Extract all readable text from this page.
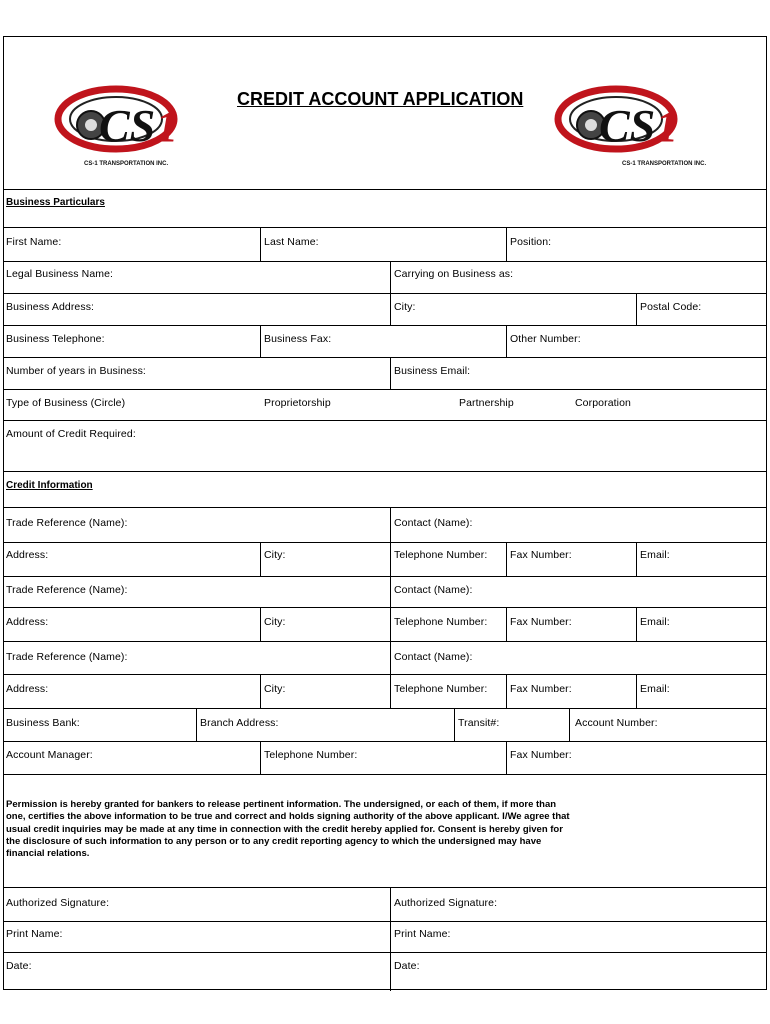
CS 1
CS-1 TRANSPORTATION INC.
CREDIT ACCOUNT APPLICATION
CS 1
CS-1 TRANSPORTATION INC.
Business Particulars
Credit Information
First Name:	Last Name:	Position:
Legal Business Name:	Carrying on Business as:
Business Address:	City:	Postal Code:
Business Telephone:	Business Fax:	Other Number:
Number of years in Business:	Business Email:
Type of Business (Circle)	Proprietorship	Partnership	Corporation
Amount of Credit Required:
Trade Reference (Name):	Contact (Name):
Address:	City:	Telephone Number: Fax Number:	Email:
Trade Reference (Name):	Contact (Name):
Address:	City:	Telephone Number: Fax Number:	Email:
Trade Reference (Name):	Contact (Name):
Address:	City:	Telephone Number: Fax Number:	Email:
Business Bank:	Branch Address:	Transit#:	Account Number:
Account Manager:	Telephone Number:	Fax Number:
Permission is hereby granted for bankers to release pertinent information. The undersigned, or each of them, if more than
one, certifies the above information to be true and correct and holds signing authority of the above applicant. I/We agree that
usual credit inquiries may be made at any time in connection with the credit hereby applied for. Consent is hereby given for
the disclosure of such information to any person or to any credit reporting agency to which the undersigned may have
financial relations.
Authorized Signature:	Authorized Signature:
Print Name:	Print Name:
Date:	Date:
